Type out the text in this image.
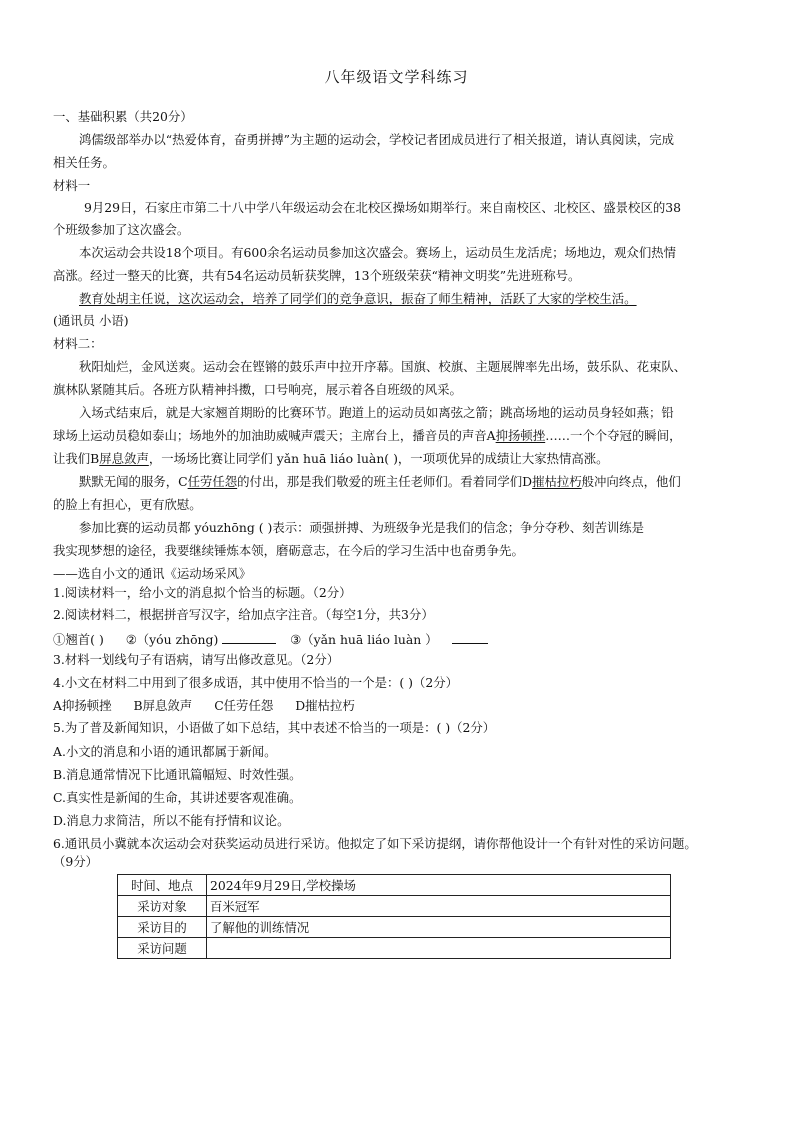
八年级语文学科练习
一、基础积累（共20分）
鸿儒级部举办以“热爱体育，奋勇拼搏”为主题的运动会，学校记者团成员进行了相关报道，请认真阅读，完成
相关任务。
材料一
9月29日，石家庄市第二十八中学八年级运动会在北校区操场如期举行。来自南校区、北校区、盛景校区的38
个班级参加了这次盛会。
本次运动会共设18个项目。有600余名运动员参加这次盛会。赛场上，运动员生龙活虎；场地边，观众们热情
高涨。经过一整天的比赛，共有54名运动员斩获奖牌，13个班级荣获“精神文明奖”先进班称号。
教育处胡主任说，这次运动会，培养了同学们的竞争意识，振奋了师生精神，活跃了大家的学校生活。
(通讯员 小语)
材料二：
秋阳灿烂，金风送爽。运动会在铿锵的鼓乐声中拉开序幕。国旗、校旗、主题展牌率先出场，鼓乐队、花束队、
旗林队紧随其后。各班方队精神抖擞，口号响亮，展示着各自班级的风采。
入场式结束后，就是大家翘首期盼的比赛环节。跑道上的运动员如离弦之箭；跳高场地的运动员身轻如燕；铅
球场上运动员稳如泰山；场地外的加油助威喊声震天；主席台上，播音员的声音A抑扬顿挫……一个个夺冠的瞬间，
让我们B屏息敛声，一场场比赛让同学们 yǎn huā liáo luàn( )，一项项优异的成绩让大家热情高涨。
默默无闻的服务，C任劳任怨的付出，那是我们敬爱的班主任老师们。看着同学们D摧枯拉朽般冲向终点，他们
的脸上有担心，更有欣慰。
参加比赛的运动员都 yóuzhōng ( )表示：顽强拼搏、为班级争光是我们的信念；争分夺秒、刻苦训练是
我实现梦想的途径，我要继续锤炼本领，磨砺意志，在今后的学习生活中也奋勇争先。
——选自小文的通讯《运动场采风》
1.阅读材料一，给小文的消息拟个恰当的标题。（2分）
2.阅读材料二，根据拼音写汉字，给加点字注音。（每空1分，共3分）
①翘首( ) ②（yóu zhōng)	③（yǎn huā liáo luàn ）
3.材料一划线句子有语病，请写出修改意见。（2分）
4.小文在材料二中用到了很多成语，其中使用不恰当的一个是：( )（2分）
A抑扬顿挫 B屏息敛声 C任劳任怨 D摧枯拉朽
5.为了普及新闻知识，小语做了如下总结，其中表述不恰当的一项是：( )（2分）
A.小文的消息和小语的通讯都属于新闻。
B.消息通常情况下比通讯篇幅短、时效性强。
C.真实性是新闻的生命，其讲述要客观准确。
D.消息力求简洁，所以不能有抒情和议论。
6.通讯员小冀就本次运动会对获奖运动员进行采访。他拟定了如下采访提纲，请你帮他设计一个有针对性的采访问题。
（9分）
时间、地点	2024年9月29日,学校操场
采访对象	百米冠军
采访目的	了解他的训练情况
采访问题	
